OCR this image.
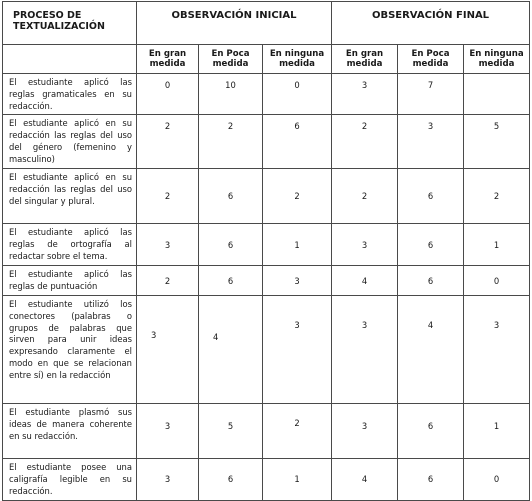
PROCESO DE TEXTUALIZACIÓN	OBSERVACIÓN INICIAL			OBSERVACIÓN FINAL		
	En gran medida	En Poca medida	En ninguna medida	En gran medida	En Poca medida	En ninguna medida
El estudiante aplicó las reglas gramaticales en su redacción.	0	10	0	3	7	
El estudiante aplicó en su redacción las reglas del uso del género (femenino y masculino)	2	2	6	2	3	5
El estudiante aplicó en su redacción las reglas del uso del singular y plural.	2	6	2	2	6	2
El estudiante aplicó las reglas de ortografía al redactar sobre el tema.	3	6	1	3	6	1
El estudiante aplicó las reglas de puntuación	2	6	3	4	6	0
El estudiante utilizó los conectores (palabras o grupos de palabras que sirven para unir ideas expresando claramente el modo en que se relacionan entre sí) en la redacción	3	4	3	3	4	3
El estudiante plasmó sus ideas de manera coherente en su redacción.	3	5	2	3	6	1
El estudiante posee una caligrafía legible en su redacción.	3	6	1	4	6	0
